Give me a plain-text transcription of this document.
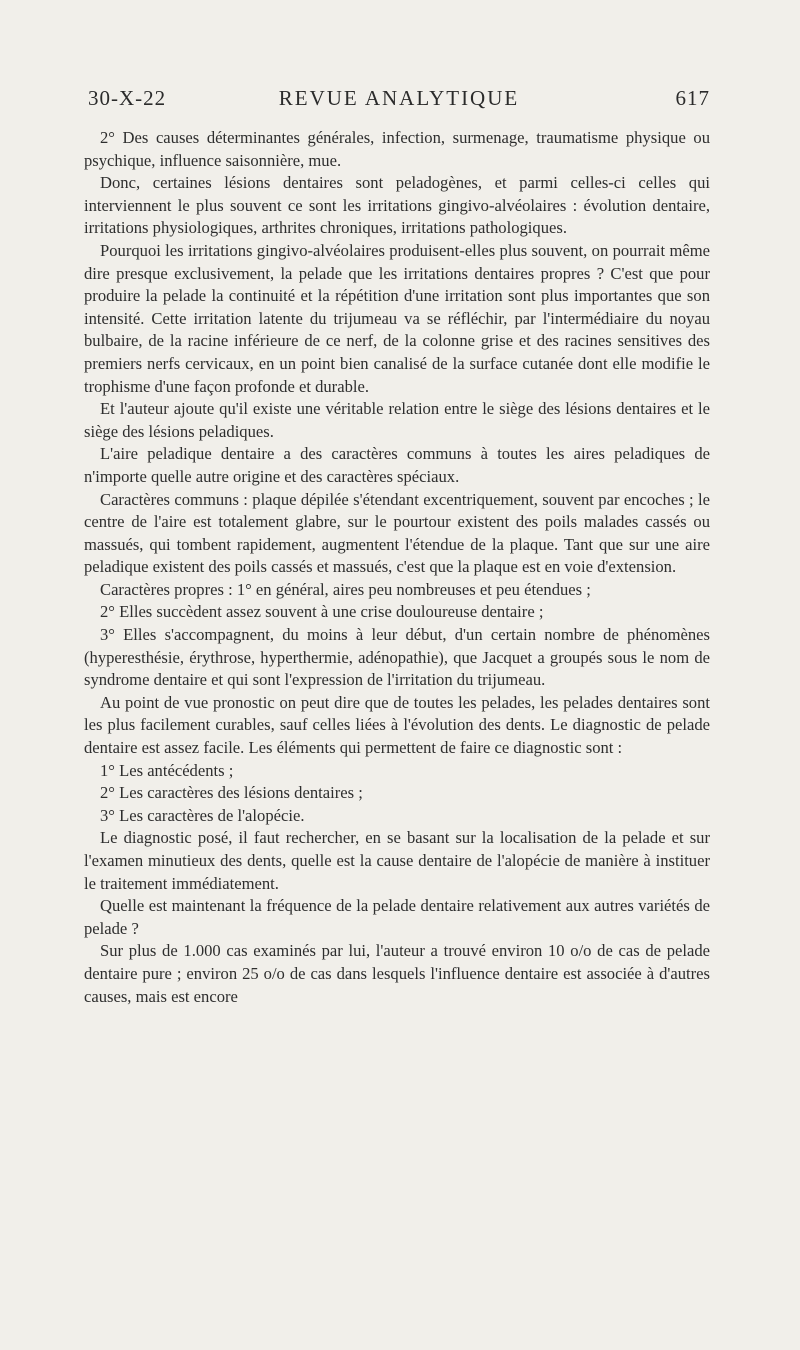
30-X-22	REVUE ANALYTIQUE	617

2° Des causes déterminantes générales, infection, surmenage, traumatisme physique ou psychique, influence saisonnière, mue.

Donc, certaines lésions dentaires sont peladogènes, et parmi celles-ci celles qui interviennent le plus souvent ce sont les irritations gingivo-alvéolaires : évolution dentaire, irritations physiologiques, arthrites chroniques, irritations pathologiques.

Pourquoi les irritations gingivo-alvéolaires produisent-elles plus souvent, on pourrait même dire presque exclusivement, la pelade que les irritations dentaires propres ? C'est que pour produire la pelade la continuité et la répétition d'une irritation sont plus importantes que son intensité. Cette irritation latente du trijumeau va se réfléchir, par l'intermédiaire du noyau bulbaire, de la racine inférieure de ce nerf, de la colonne grise et des racines sensitives des premiers nerfs cervicaux, en un point bien canalisé de la surface cutanée dont elle modifie le trophisme d'une façon profonde et durable.

Et l'auteur ajoute qu'il existe une véritable relation entre le siège des lésions dentaires et le siège des lésions peladiques.

L'aire peladique dentaire a des caractères communs à toutes les aires peladiques de n'importe quelle autre origine et des caractères spéciaux.

Caractères communs : plaque dépilée s'étendant excentriquement, souvent par encoches ; le centre de l'aire est totalement glabre, sur le pourtour existent des poils malades cassés ou massués, qui tombent rapidement, augmentent l'étendue de la plaque. Tant que sur une aire peladique existent des poils cassés et massués, c'est que la plaque est en voie d'extension.

Caractères propres : 1° en général, aires peu nombreuses et peu étendues ;

2° Elles succèdent assez souvent à une crise douloureuse dentaire ;

3° Elles s'accompagnent, du moins à leur début, d'un certain nombre de phénomènes (hyperesthésie, érythrose, hyperthermie, adénopathie), que Jacquet a groupés sous le nom de syndrome dentaire et qui sont l'expression de l'irritation du trijumeau.

Au point de vue pronostic on peut dire que de toutes les pelades, les pelades dentaires sont les plus facilement curables, sauf celles liées à l'évolution des dents. Le diagnostic de pelade dentaire est assez facile. Les éléments qui permettent de faire ce diagnostic sont :

1° Les antécédents ;

2° Les caractères des lésions dentaires ;

3° Les caractères de l'alopécie.

Le diagnostic posé, il faut rechercher, en se basant sur la localisation de la pelade et sur l'examen minutieux des dents, quelle est la cause dentaire de l'alopécie de manière à instituer le traitement immédiatement.

Quelle est maintenant la fréquence de la pelade dentaire relativement aux autres variétés de pelade ?

Sur plus de 1.000 cas examinés par lui, l'auteur a trouvé environ 10 o/o de cas de pelade dentaire pure ; environ 25 o/o de cas dans lesquels l'influence dentaire est associée à d'autres causes, mais est encore
